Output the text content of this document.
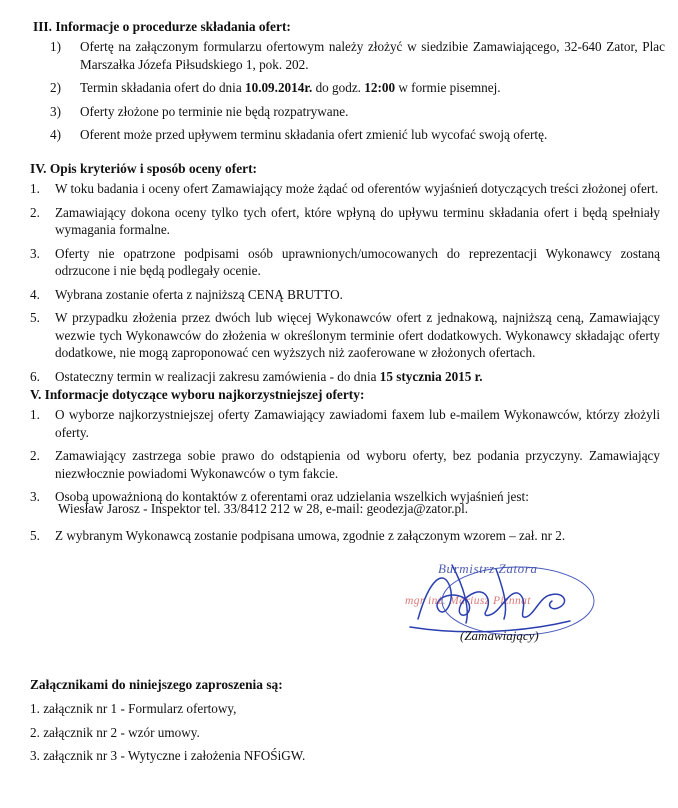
III. Informacje o procedurze składania ofert:
1)	Ofertę na załączonym formularzu ofertowym należy złożyć w siedzibie Zamawiającego, 32-640 Zator, Plac Marszałka Józefa Piłsudskiego 1, pok. 202.
2)	Termin składania ofert do dnia 10.09.2014r. do godz. 12:00 w formie pisemnej.
3)	Oferty złożone po terminie nie będą rozpatrywane.
4)	Oferent może przed upływem terminu składania ofert zmienić lub wycofać swoją ofertę.
IV. Opis kryteriów i sposób oceny ofert:
1.	W toku badania i oceny ofert Zamawiający może żądać od oferentów wyjaśnień dotyczących treści złożonej ofert.
2.	Zamawiający dokona oceny tylko tych ofert, które wpłyną do upływu terminu składania ofert i będą spełniały wymagania formalne.
3.	Oferty nie opatrzone podpisami osób uprawnionych/umocowanych do reprezentacji Wykonawcy zostaną odrzucone i nie będą podlegały ocenie.
4.	Wybrana zostanie oferta z najniższą CENĄ BRUTTO.
5.	W przypadku złożenia przez dwóch lub więcej Wykonawców ofert z jednakową, najniższą ceną, Zamawiający wezwie tych Wykonawców do złożenia w określonym terminie ofert dodatkowych. Wykonawcy składając oferty dodatkowe, nie mogą zaproponować cen wyższych niż zaoferowane w złożonych ofertach.
6.	Ostateczny termin w realizacji zakresu zamówienia - do dnia 15 stycznia 2015 r.
V. Informacje dotyczące wyboru najkorzystniejszej oferty:
1.	O wyborze najkorzystniejszej oferty Zamawiający zawiadomi faxem lub e-mailem Wykonawców, którzy złożyli oferty.
2.	Zamawiający zastrzega sobie prawo do odstąpienia od wyboru oferty, bez podania przyczyny. Zamawiający niezwłocznie powiadomi Wykonawców o tym fakcie.
3.	Osobą upoważnioną do kontaktów z oferentami oraz udzielania wszelkich wyjaśnień jest:
Wiesław Jarosz - Inspektor tel. 33/8412 212 w 28, e-mail: geodezja@zator.pl.
5.	Z wybranym Wykonawcą zostanie podpisana umowa, zgodnie z załączonym wzorem – zał. nr 2.
Burmistrz Zatora
mgr inż. Mariusz Piznnat
(Zamawiający)
Załącznikami do niniejszego zaproszenia są:
1. załącznik nr 1 - Formularz ofertowy,
2. załącznik nr 2 - wzór umowy.
3. załącznik nr 3 - Wytyczne i założenia NFOŚiGW.
